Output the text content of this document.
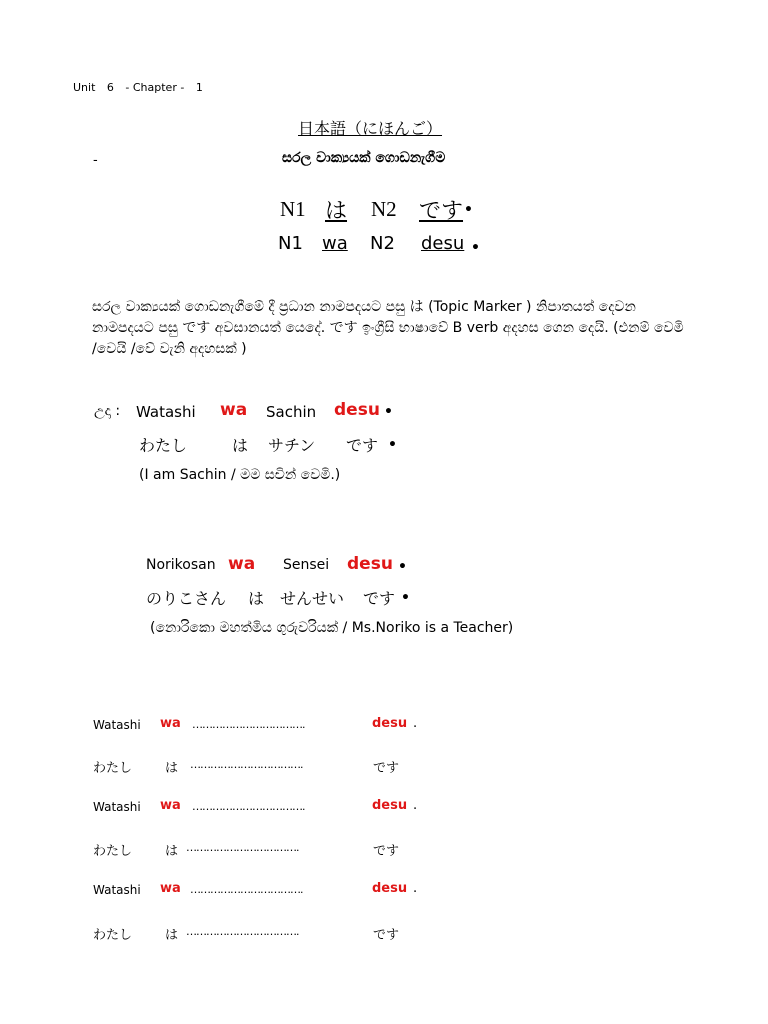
Unit 6 - Chapter - 1
日本語（にほんご）
-	සරල වාක්‍යයක් ගොඩනැගීම
N1 は N2 です •
N1 wa N2 desu •
සරල වාක්‍යයක් ගොඩනැගීමේ දී ප්‍රධාන නාමපදයට පසු は (Topic Marker ) නිපාතයත් දෙවන නාමපදයට පසු です අවසානයත් යෙදේ. です ඉංග්‍රීසි භාෂාවේ B verb අදහස ගෙන දෙයි. (එනම් වෙමි /වෙයි /වේ වැනි අදහසක් )
උදා : Watashi wa Sachin desu •
わたし	は サチン です •
(I am Sachin / මම සචින් වෙමි.)
Norikosan wa Sensei desu •
のりこさん は せんせい です •
(නොරිකො මහත්මිය ගුරුවරියක් / Ms.Noriko is a Teacher)
Watashi wa …………………………….	desu .
わたし	は …………………………….	です
Watashi wa …………………………….	desu .
わたし	は …………………………….	です
Watashi wa …………………………….	desu .
わたし	は …………………………….	です
